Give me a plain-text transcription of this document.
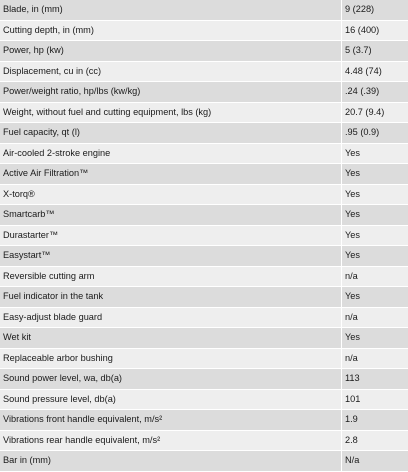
Blade, in (mm)	9 (228)
Cutting depth, in (mm)	16 (400)
Power, hp (kw)	5 (3.7)
Displacement, cu in (cc)	4.48 (74)
Power/weight ratio, hp/lbs (kw/kg)	.24 (.39)
Weight, without fuel and cutting equipment, lbs (kg)	20.7 (9.4)
Fuel capacity, qt (l)	.95 (0.9)
Air-cooled 2-stroke engine	Yes
Active Air Filtration™	Yes
X-torq®	Yes
Smartcarb™	Yes
Durastarter™	Yes
Easystart™	Yes
Reversible cutting arm	n/a
Fuel indicator in the tank	Yes
Easy-adjust blade guard	n/a
Wet kit	Yes
Replaceable arbor bushing	n/a
Sound power level, wa, db(a)	113
Sound pressure level, db(a)	101
Vibrations front handle equivalent, m/s²	1.9
Vibrations rear handle equivalent, m/s²	2.8
Bar in (mm)	N/a
